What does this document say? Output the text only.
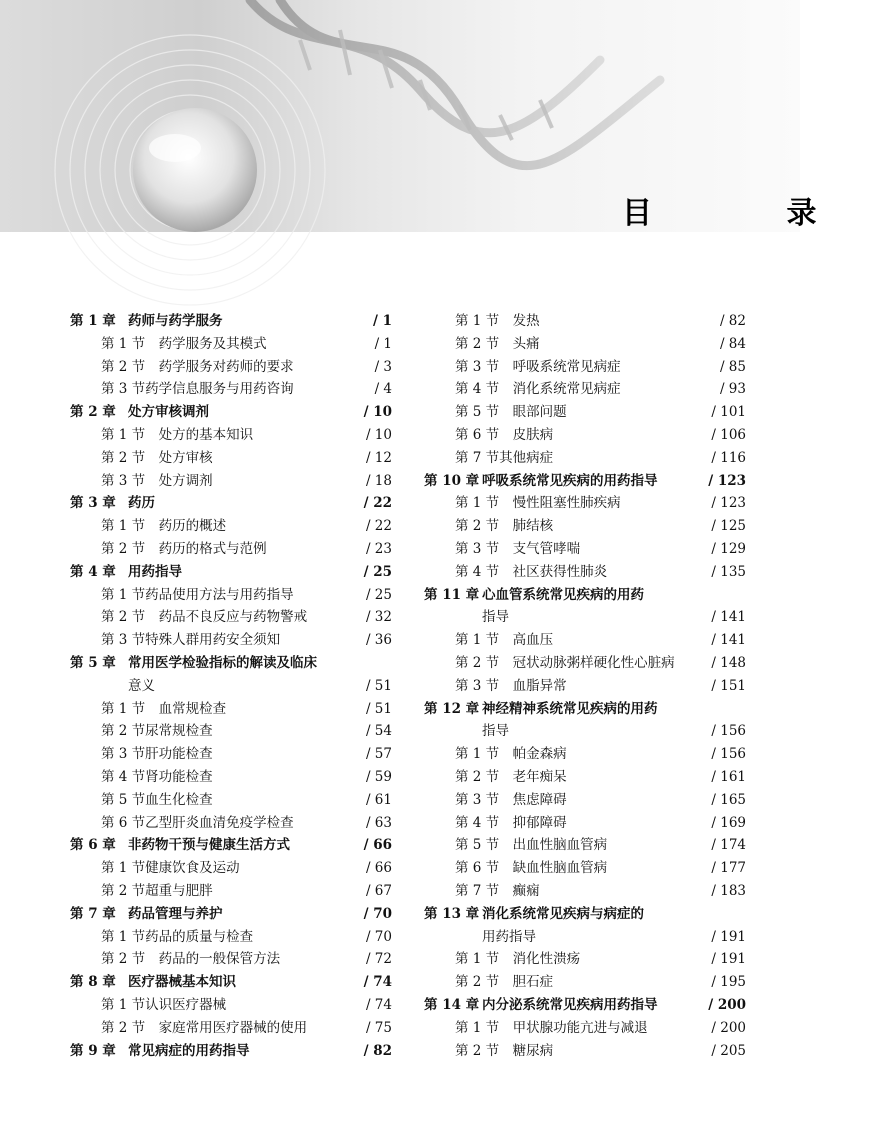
目 录
第 1 章 药师与药学服务	/ 1
第 1 节　药学服务及其模式	/ 1
第 2 节　药学服务对药师的要求	/ 3
第 3 节药学信息服务与用药咨询	/ 4
第 2 章 处方审核调剂	/ 10
第 1 节　处方的基本知识	/ 10
第 2 节　处方审核	/ 12
第 3 节　处方调剂	/ 18
第 3 章 药历	/ 22
第 1 节　药历的概述	/ 22
第 2 节　药历的格式与范例	/ 23
第 4 章 用药指导	/ 25
第 1 节药品使用方法与用药指导	/ 25
第 2 节　药品不良反应与药物警戒	/ 32
第 3 节特殊人群用药安全须知	/ 36
第 5 章 常用医学检验指标的解读及临床
意义	/ 51
第 1 节　血常规检查	/ 51
第 2 节尿常规检查	/ 54
第 3 节肝功能检查	/ 57
第 4 节肾功能检查	/ 59
第 5 节血生化检查	/ 61
第 6 节乙型肝炎血清免疫学检查	/ 63
第 6 章 非药物干预与健康生活方式	/ 66
第 1 节健康饮食及运动	/ 66
第 2 节超重与肥胖	/ 67
第 7 章 药品管理与养护	/ 70
第 1 节药品的质量与检查	/ 70
第 2 节　药品的一般保管方法	/ 72
第 8 章 医疗器械基本知识	/ 74
第 1 节认识医疗器械	/ 74
第 2 节　家庭常用医疗器械的使用	/ 75
第 9 章 常见病症的用药指导	/ 82
第 1 节　发热	/ 82
第 2 节　头痛	/ 84
第 3 节　呼吸系统常见病症	/ 85
第 4 节　消化系统常见病症	/ 93
第 5 节　眼部问题	/ 101
第 6 节　皮肤病	/ 106
第 7 节其他病症	/ 116
第 10 章 呼吸系统常见疾病的用药指导	/ 123
第 1 节　慢性阻塞性肺疾病	/ 123
第 2 节　肺结核	/ 125
第 3 节　支气管哮喘	/ 129
第 4 节　社区获得性肺炎	/ 135
第 11 章 心血管系统常见疾病的用药
指导	/ 141
第 1 节　高血压	/ 141
第 2 节　冠状动脉粥样硬化性心脏病	/ 148
第 3 节　血脂异常	/ 151
第 12 章 神经精神系统常见疾病的用药
指导	/ 156
第 1 节　帕金森病	/ 156
第 2 节　老年痴呆	/ 161
第 3 节　焦虑障碍	/ 165
第 4 节　抑郁障碍	/ 169
第 5 节　出血性脑血管病	/ 174
第 6 节　缺血性脑血管病	/ 177
第 7 节　癫痫	/ 183
第 13 章 消化系统常见疾病与病症的
用药指导	/ 191
第 1 节　消化性溃疡	/ 191
第 2 节　胆石症	/ 195
第 14 章 内分泌系统常见疾病用药指导	/ 200
第 1 节　甲状腺功能亢进与减退	/ 200
第 2 节　糖尿病	/ 205
